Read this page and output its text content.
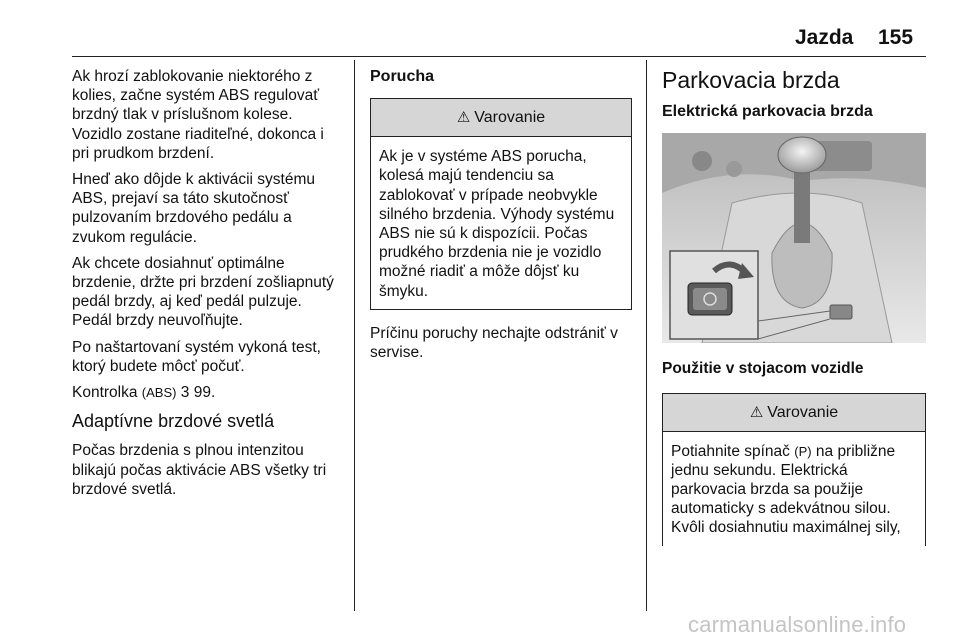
Jazda 155

Ak hrozí zablokovanie niektorého z kolies, začne systém ABS regulovať brzdný tlak v príslušnom kolese. Vozidlo zostane riaditeľné, dokonca i pri prudkom brzdení.

Hneď ako dôjde k aktivácii systému ABS, prejaví sa táto skutočnosť pulzovaním brzdového pedálu a zvukom regulácie.

Ak chcete dosiahnuť optimálne brzdenie, držte pri brzdení zošliapnutý pedál brzdy, aj keď pedál pulzuje. Pedál brzdy neuvoľňujte.

Po naštartovaní systém vykoná test, ktorý budete môcť počuť.

Kontrolka (ABS) 3 99.

Adaptívne brzdové svetlá

Počas brzdenia s plnou intenzitou blikajú počas aktivácie ABS všetky tri brzdové svetlá.

Porucha
⚠ Varovanie

Ak je v systéme ABS porucha, kolesá majú tendenciu sa zablokovať v prípade neobvykle silného brzdenia. Výhody systému ABS nie sú k dispozícii. Počas prudkého brzdenia nie je vozidlo možné riadiť a môže dôjsť ku šmyku.

Príčinu poruchy nechajte odstrániť v servise.

Parkovacia brzda
Elektrická parkovacia brzda
Použitie v stojacom vozidle
⚠ Varovanie

Potiahnite spínač (P) na približne jednu sekundu. Elektrická parkovacia brzda sa použije automaticky s adekvátnou silou. Kvôli dosiahnutiu maximálnej sily,

carmanualsonline.info
